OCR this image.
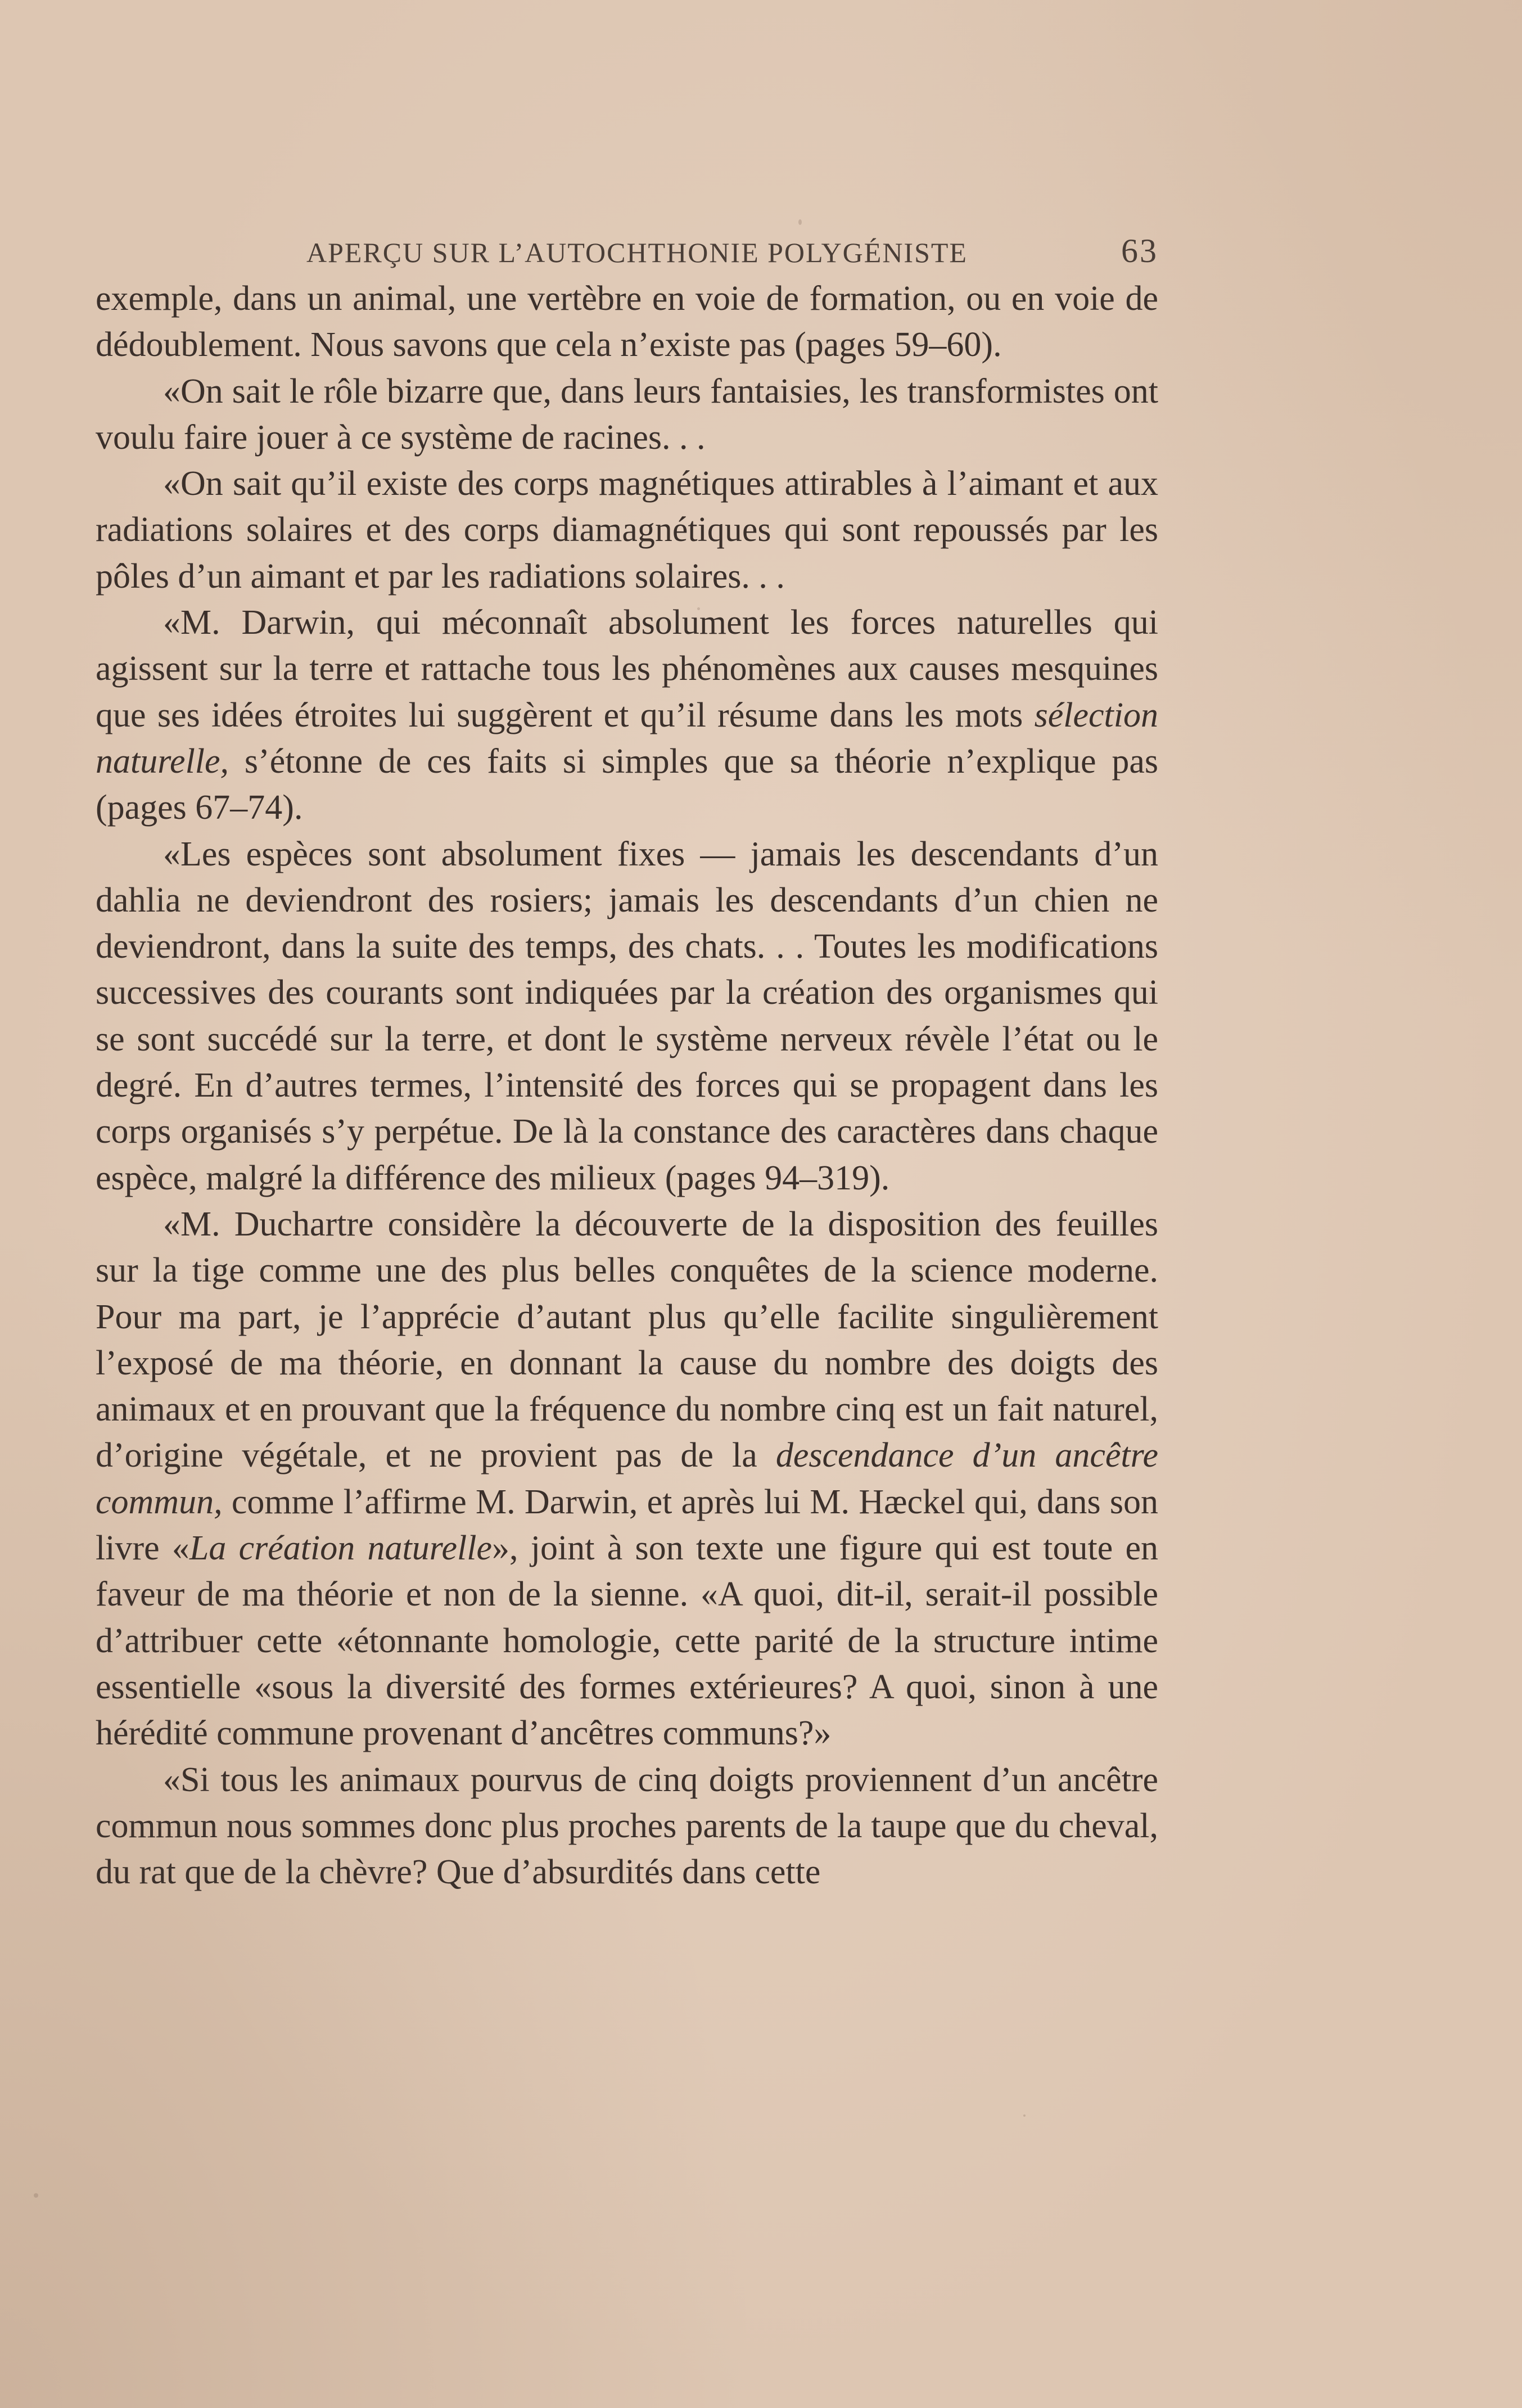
APERÇU SUR L’AUTOCHTHONIE POLYGÉNISTE	63

exemple, dans un animal, une vertèbre en voie de formation, ou en voie de dédoublement. Nous savons que cela n’existe pas (pages 59–60).

«On sait le rôle bizarre que, dans leurs fantaisies, les transformistes ont voulu faire jouer à ce système de racines. . .

«On sait qu’il existe des corps magnétiques attirables à l’aimant et aux radiations solaires et des corps diamagnétiques qui sont repoussés par les pôles d’un aimant et par les radiations solaires. . .

«M. Darwin, qui méconnaît absolument les forces naturelles qui agissent sur la terre et rattache tous les phénomènes aux causes mesquines que ses idées étroites lui suggèrent et qu’il résume dans les mots sélection naturelle, s’étonne de ces faits si simples que sa théorie n’explique pas (pages 67–74).

«Les espèces sont absolument fixes — jamais les descendants d’un dahlia ne deviendront des rosiers; jamais les descendants d’un chien ne deviendront, dans la suite des temps, des chats. . . Toutes les modifications successives des courants sont indiquées par la création des organismes qui se sont succédé sur la terre, et dont le système nerveux révèle l’état ou le degré. En d’autres termes, l’intensité des forces qui se propagent dans les corps organisés s’y perpétue. De là la constance des caractères dans chaque espèce, malgré la différence des milieux (pages 94–319).

«M. Duchartre considère la découverte de la disposition des feuilles sur la tige comme une des plus belles conquêtes de la science moderne. Pour ma part, je l’apprécie d’autant plus qu’elle facilite singulièrement l’exposé de ma théorie, en donnant la cause du nombre des doigts des animaux et en prouvant que la fréquence du nombre cinq est un fait naturel, d’origine végétale, et ne provient pas de la descendance d’un ancêtre commun, comme l’affirme M. Darwin, et après lui M. Hæckel qui, dans son livre «La création naturelle», joint à son texte une figure qui est toute en faveur de ma théorie et non de la sienne. «A quoi, dit-il, serait-il possible d’attribuer cette «étonnante homologie, cette parité de la structure intime essentielle «sous la diversité des formes extérieures? A quoi, sinon à une hérédité commune provenant d’ancêtres communs?»

«Si tous les animaux pourvus de cinq doigts proviennent d’un ancêtre commun nous sommes donc plus proches parents de la taupe que du cheval, du rat que de la chèvre? Que d’absurdités dans cette
